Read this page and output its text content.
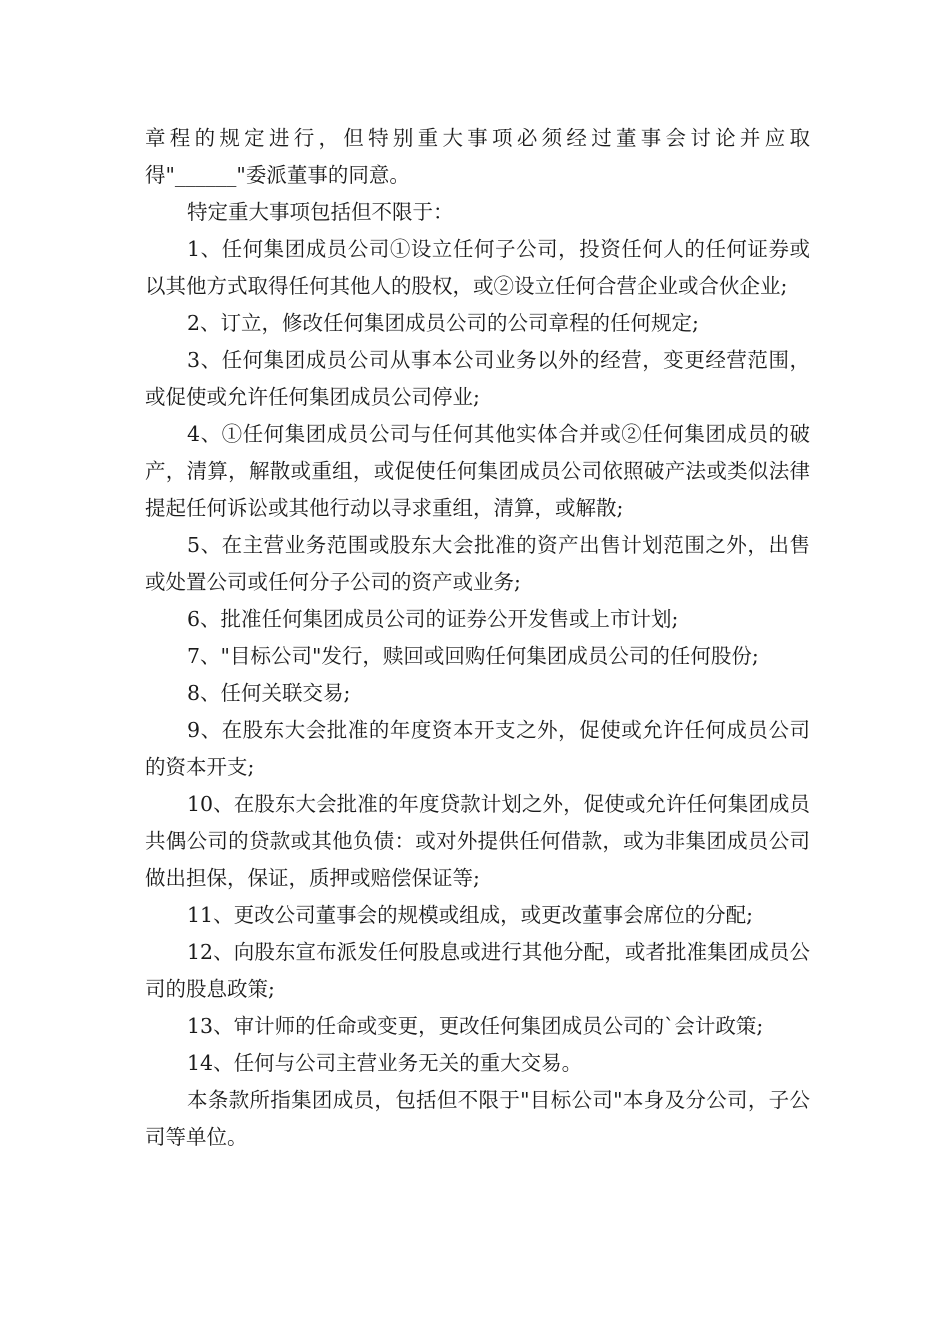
章程的规定进行，但特别重大事项必须经过董事会讨论并应取得"______"委派董事的同意。

特定重大事项包括但不限于：

1、任何集团成员公司①设立任何子公司，投资任何人的任何证券或以其他方式取得任何其他人的股权，或②设立任何合营企业或合伙企业;

2、订立，修改任何集团成员公司的公司章程的任何规定;

3、任何集团成员公司从事本公司业务以外的经营，变更经营范围，或促使或允许任何集团成员公司停业;

4、①任何集团成员公司与任何其他实体合并或②任何集团成员的破产，清算，解散或重组，或促使任何集团成员公司依照破产法或类似法律提起任何诉讼或其他行动以寻求重组，清算，或解散;

5、在主营业务范围或股东大会批准的资产出售计划范围之外，出售或处置公司或任何分子公司的资产或业务;

6、批准任何集团成员公司的证券公开发售或上市计划;

7、"目标公司"发行，赎回或回购任何集团成员公司的任何股份;

8、任何关联交易;

9、在股东大会批准的年度资本开支之外，促使或允许任何成员公司的资本开支;

10、在股东大会批准的年度贷款计划之外，促使或允许任何集团成员共偶公司的贷款或其他负债：或对外提供任何借款，或为非集团成员公司做出担保，保证，质押或赔偿保证等;

11、更改公司董事会的规模或组成，或更改董事会席位的分配;

12、向股东宣布派发任何股息或进行其他分配，或者批准集团成员公司的股息政策;

13、审计师的任命或变更，更改任何集团成员公司的`会计政策;

14、任何与公司主营业务无关的重大交易。

本条款所指集团成员，包括但不限于"目标公司"本身及分公司，子公司等单位。
